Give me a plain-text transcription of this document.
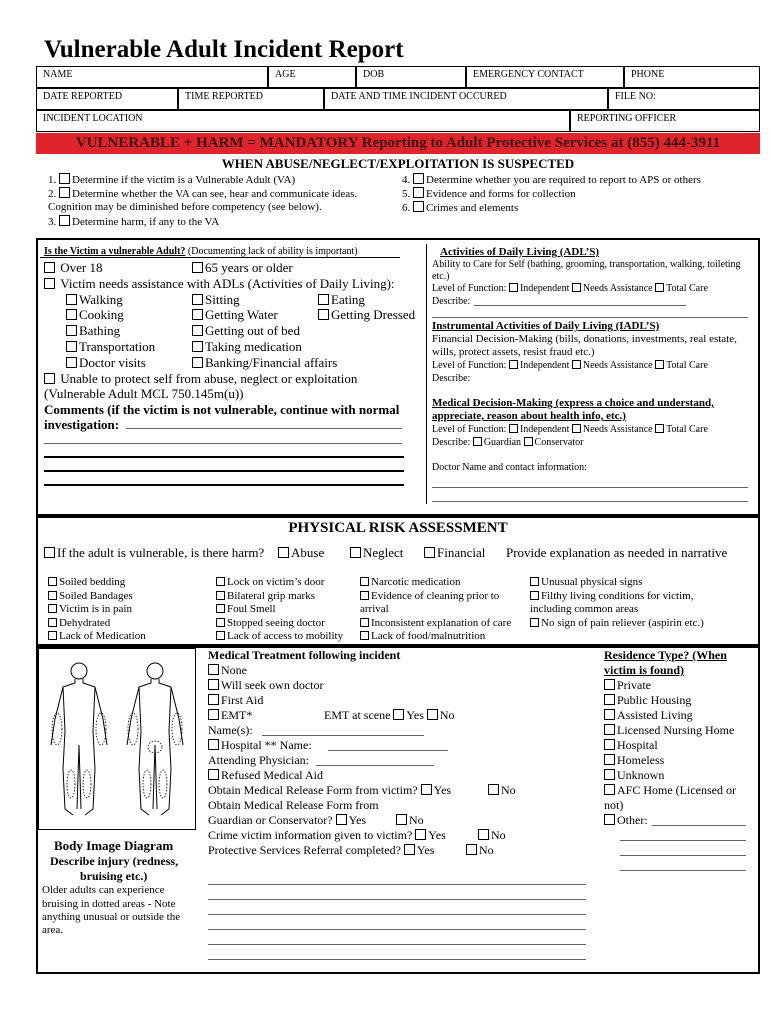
Vulnerable Adult Incident Report
NAME	AGE	DOB	EMERGENCY CONTACT	PHONE
DATE REPORTED	TIME REPORTED	DATE AND TIME INCIDENT OCCURED	FILE NO:
INCIDENT LOCATION	REPORTING OFFICER
VULNERABLE + HARM = MANDATORY Reporting to Adult Protective Services at (855) 444-3911
WHEN ABUSE/NEGLECT/EXPLOITATION IS SUSPECTED
1. Determine if the victim is a Vulnerable Adult (VA)
2. Determine whether the VA can see, hear and communicate ideas.
Cognition may be diminished before competency (see below).
3. Determine harm, if any to the VA
4. Determine whether you are required to report to APS or others
5. Evidence and forms for collection
6. Crimes and elements
Is the Victim a vulnerable Adult? (Documenting lack of ability is important)
Over 18	65 years or older
Victim needs assistance with ADLs (Activities of Daily Living):
Walking	Sitting	Eating
Cooking	Getting Water	Getting Dressed
Bathing	Getting out of bed
Transportation	Taking medication
Doctor visits	Banking/Financial affairs
Unable to protect self from abuse, neglect or exploitation
(Vulnerable Adult MCL 750.145m(u))
Comments (if the victim is not vulnerable, continue with normal
investigation:
Activities of Daily Living (ADL’S)
Ability to Care for Self (bathing, grooming, transportation, walking, toileting
etc.)
Level of Function: Independent Needs Assistance Total Care
Describe:
Instrumental Activities of Daily Living (IADL’S)
Financial Decision-Making (bills, donations, investments, real estate,
wills, protect assets, resist fraud etc.)
Level of Function: Independent Needs Assistance Total Care
Describe:
Medical Decision-Making (express a choice and understand,
appreciate, reason about health info, etc.)
Level of Function: Independent Needs Assistance Total Care
Describe: Guardian Conservator
Doctor Name and contact information:
PHYSICAL RISK ASSESSMENT
If the adult is vulnerable, is there harm?	Abuse	Neglect	Financial Provide explanation as needed in narrative
Soiled bedding
Soiled Bandages
Victim is in pain
Dehydrated
Lack of Medication
Lock on victim’s door
Bilateral grip marks
Foul Smell
Stopped seeing doctor
Lack of access to mobility
Narcotic medication
Evidence of cleaning prior to
arrival
Inconsistent explanation of care
Lack of food/malnutrition
Unusual physical signs
Filthy living conditions for victim,
including common areas
No sign of pain reliever (aspirin etc.)
Body Image Diagram
Describe injury (redness,
bruising etc.)
Older adults can experience
bruising in dotted areas - Note
anything unusual or outside the
area.
Medical Treatment following incident
None
Will seek own doctor
First Aid
EMT*	EMT at scene Yes No
Name(s):
Hospital ** Name:
Attending Physician:
Refused Medical Aid
Obtain Medical Release Form from victim? Yes	No
Obtain Medical Release Form from
Guardian or Conservator? Yes	No
Crime victim information given to victim? Yes	No
Protective Services Referral completed? Yes	No
Residence Type? (When
victim is found)
Private
Public Housing
Assisted Living
Licensed Nursing Home
Hospital
Homeless
Unknown
AFC Home (Licensed or
not)
Other:
